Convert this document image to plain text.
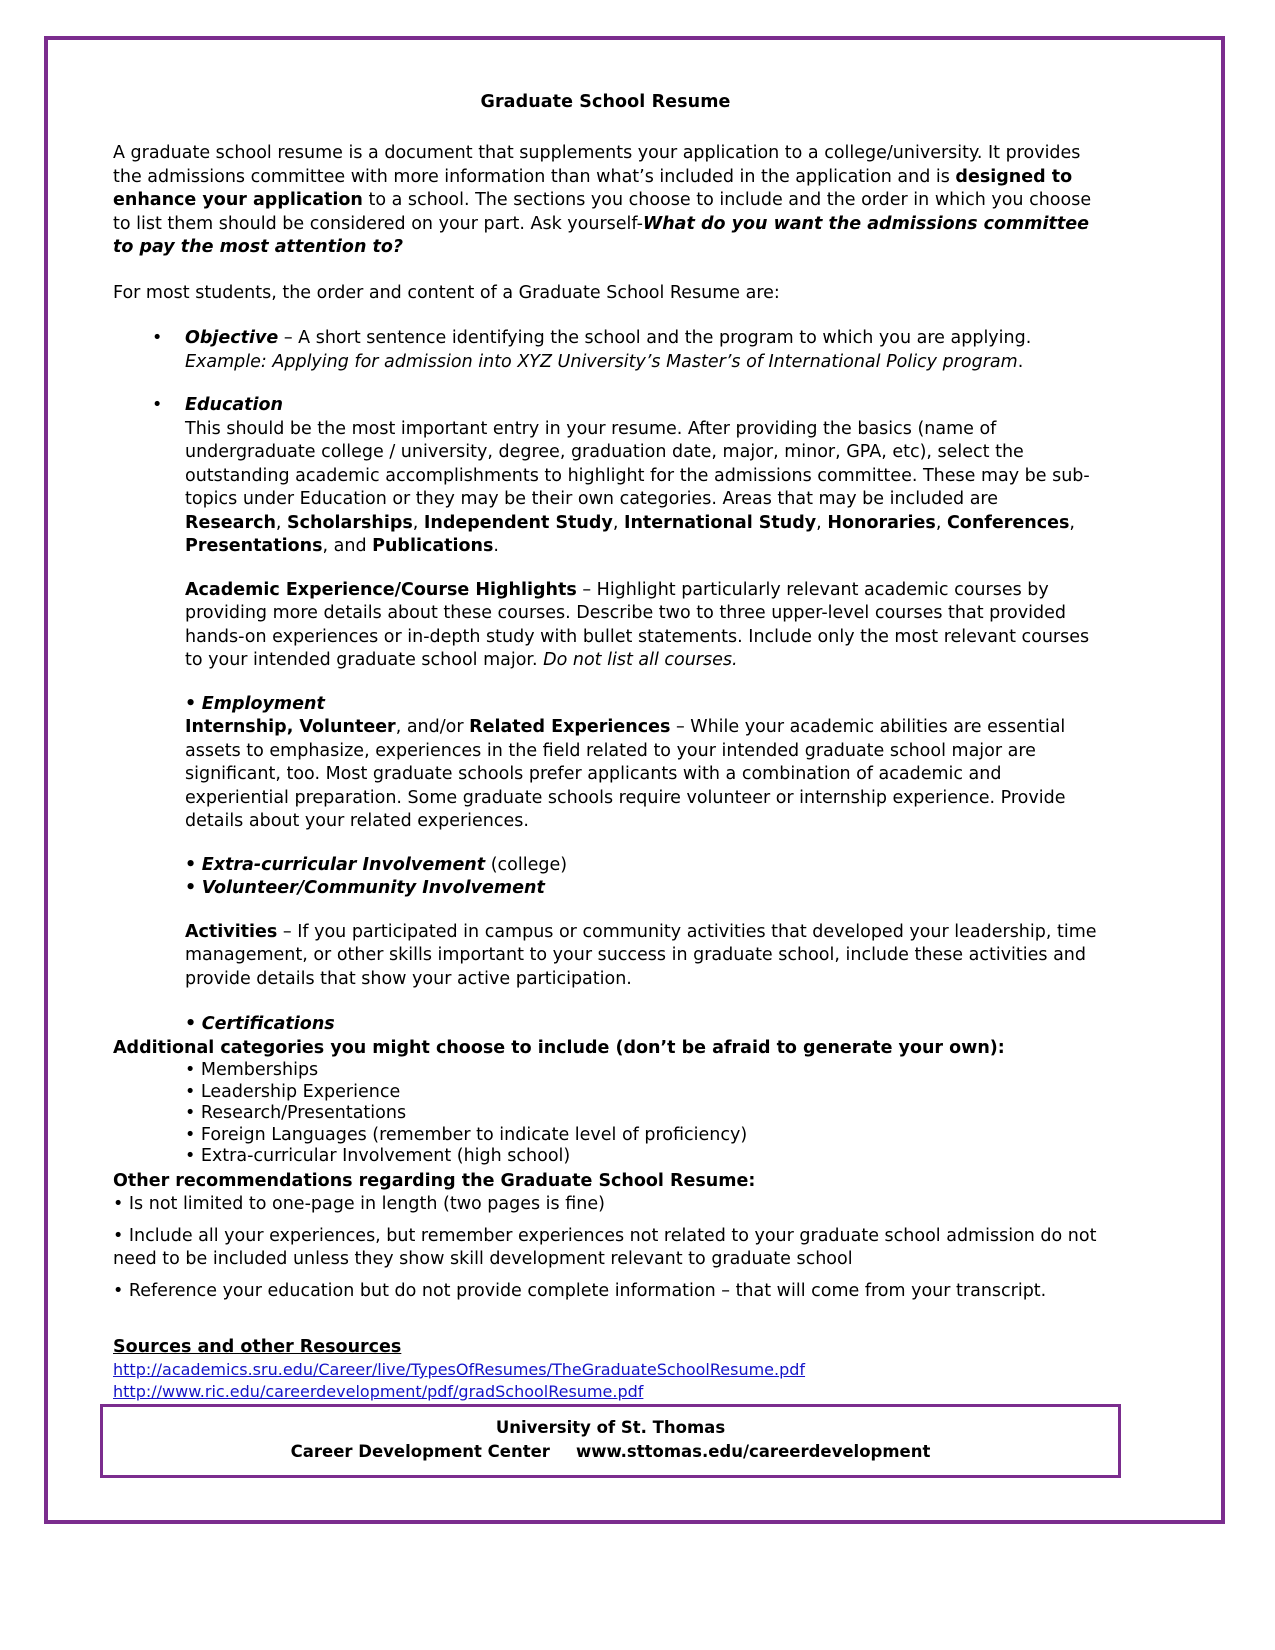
Graduate School Resume

A graduate school resume is a document that supplements your application to a college/university. It provides the admissions committee with more information than what’s included in the application and is designed to enhance your application to a school. The sections you choose to include and the order in which you choose to list them should be considered on your part. Ask yourself-What do you want the admissions committee to pay the most attention to?

For most students, the order and content of a Graduate School Resume are:

• Objective – A short sentence identifying the school and the program to which you are applying.
Example: Applying for admission into XYZ University’s Master’s of International Policy program.
• Education
This should be the most important entry in your resume. After providing the basics (name of undergraduate college / university, degree, graduation date, major, minor, GPA, etc), select the outstanding academic accomplishments to highlight for the admissions committee. These may be sub-topics under Education or they may be their own categories. Areas that may be included are Research, Scholarships, Independent Study, International Study, Honoraries, Conferences, Presentations, and Publications.

Academic Experience/Course Highlights – Highlight particularly relevant academic courses by providing more details about these courses. Describe two to three upper-level courses that provided hands-on experiences or in-depth study with bullet statements. Include only the most relevant courses to your intended graduate school major. Do not list all courses.

• Employment

Internship, Volunteer, and/or Related Experiences – While your academic abilities are essential assets to emphasize, experiences in the field related to your intended graduate school major are significant, too. Most graduate schools prefer applicants with a combination of academic and experiential preparation. Some graduate schools require volunteer or internship experience. Provide details about your related experiences.

• Extra-curricular Involvement (college)

• Volunteer/Community Involvement

Activities – If you participated in campus or community activities that developed your leadership, time management, or other skills important to your success in graduate school, include these activities and provide details that show your active participation.

• Certifications

Additional categories you might choose to include (don’t be afraid to generate your own):

• Memberships
• Leadership Experience
• Research/Presentations
• Foreign Languages (remember to indicate level of proficiency)
• Extra-curricular Involvement (high school)

Other recommendations regarding the Graduate School Resume:

• Is not limited to one-page in length (two pages is fine)
• Include all your experiences, but remember experiences not related to your graduate school admission do not need to be included unless they show skill development relevant to graduate school
• Reference your education but do not provide complete information – that will come from your transcript.
Sources and other Resources
http://academics.sru.edu/Career/live/TypesOfResumes/TheGraduateSchoolResume.pdf
http://www.ric.edu/careerdevelopment/pdf/gradSchoolResume.pdf
University of St. Thomas
Career Development Center www.sttomas.edu/careerdevelopment
